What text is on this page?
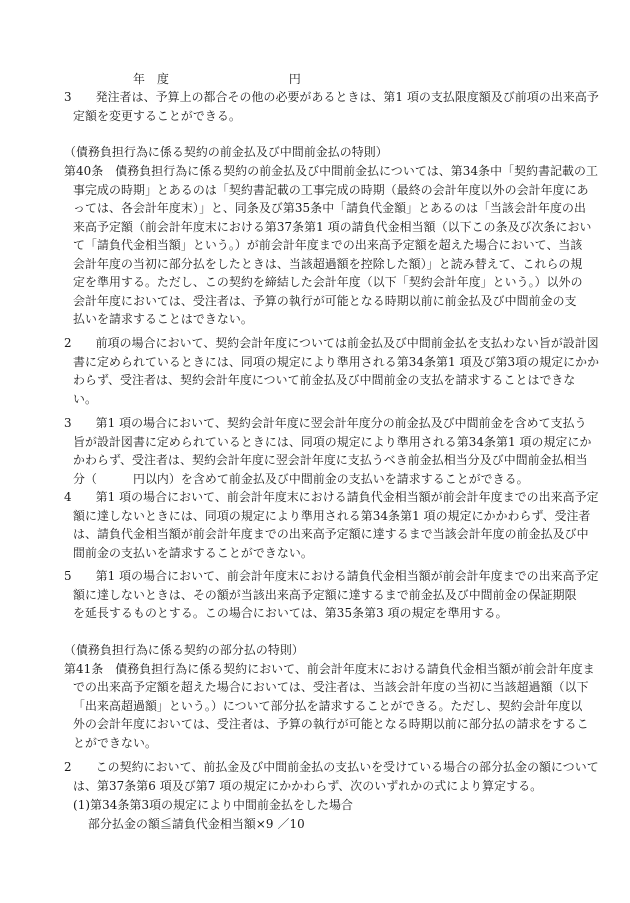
年　度　　　　　　　　　　円

3　　発注者は、予算上の都合その他の必要があるときは、第1 項の支払限度額及び前項の出来高予

定額を変更することができる。

（債務負担行為に係る契約の前金払及び中間前金払の特則）

第40条　債務負担行為に係る契約の前金払及び中間前金払については、第34条中「契約書記載の工

事完成の時期」とあるのは「契約書記載の工事完成の時期（最終の会計年度以外の会計年度にあ

っては、各会計年度末）」と、同条及び第35条中「請負代金額」とあるのは「当該会計年度の出

来高予定額（前会計年度末における第37条第1 項の請負代金相当額（以下この条及び次条におい

て「請負代金相当額」という。）が前会計年度までの出来高予定額を超えた場合において、当該

会計年度の当初に部分払をしたときは、当該超過額を控除した額）」と読み替えて、これらの規

定を準用する。ただし、この契約を締結した会計年度（以下「契約会計年度」という。）以外の

会計年度においては、受注者は、予算の執行が可能となる時期以前に前金払及び中間前金の支

払いを請求することはできない。

2　　前項の場合において、契約会計年度については前金払及び中間前金払を支払わない旨が設計図

書に定められているときには、同項の規定により準用される第34条第1 項及び第3項の規定にかか

わらず、受注者は、契約会計年度について前金払及び中間前金の支払を請求することはできな

い。

3　　第1 項の場合において、契約会計年度に翌会計年度分の前金払及び中間前金を含めて支払う

旨が設計図書に定められているときには、同項の規定により準用される第34条第1 項の規定にか

かわらず、受注者は、契約会計年度に翌会計年度に支払うべき前金払相当分及び中間前金払相当

分（　　　円以内）を含めて前金払及び中間前金の支払いを請求することができる。

4　　第1 項の場合において、前会計年度末における請負代金相当額が前会計年度までの出来高予定

額に達しないときには、同項の規定により準用される第34条第1 項の規定にかかわらず、受注者

は、請負代金相当額が前会計年度までの出来高予定額に達するまで当該会計年度の前金払及び中

間前金の支払いを請求することができない。

5　　第1 項の場合において、前会計年度末における請負代金相当額が前会計年度までの出来高予定

額に達しないときは、その額が当該出来高予定額に達するまで前金払及び中間前金の保証期限

を延長するものとする。この場合においては、第35条第3 項の規定を準用する。

（債務負担行為に係る契約の部分払の特則）

第41条　債務負担行為に係る契約において、前会計年度末における請負代金相当額が前会計年度ま

での出来高予定額を超えた場合においては、受注者は、当該会計年度の当初に当該超過額（以下

「出来高超過額」という。）について部分払を請求することができる。ただし、契約会計年度以

外の会計年度においては、受注者は、予算の執行が可能となる時期以前に部分払の請求をするこ

とができない。

2　　この契約において、前払金及び中間前金払の支払いを受けている場合の部分払金の額について

は、第37条第6 項及び第7 項の規定にかかわらず、次のいずれかの式により算定する。

(1)第34条第3項の規定により中間前金払をした場合

部分払金の額≦請負代金相当額×9 ／10
